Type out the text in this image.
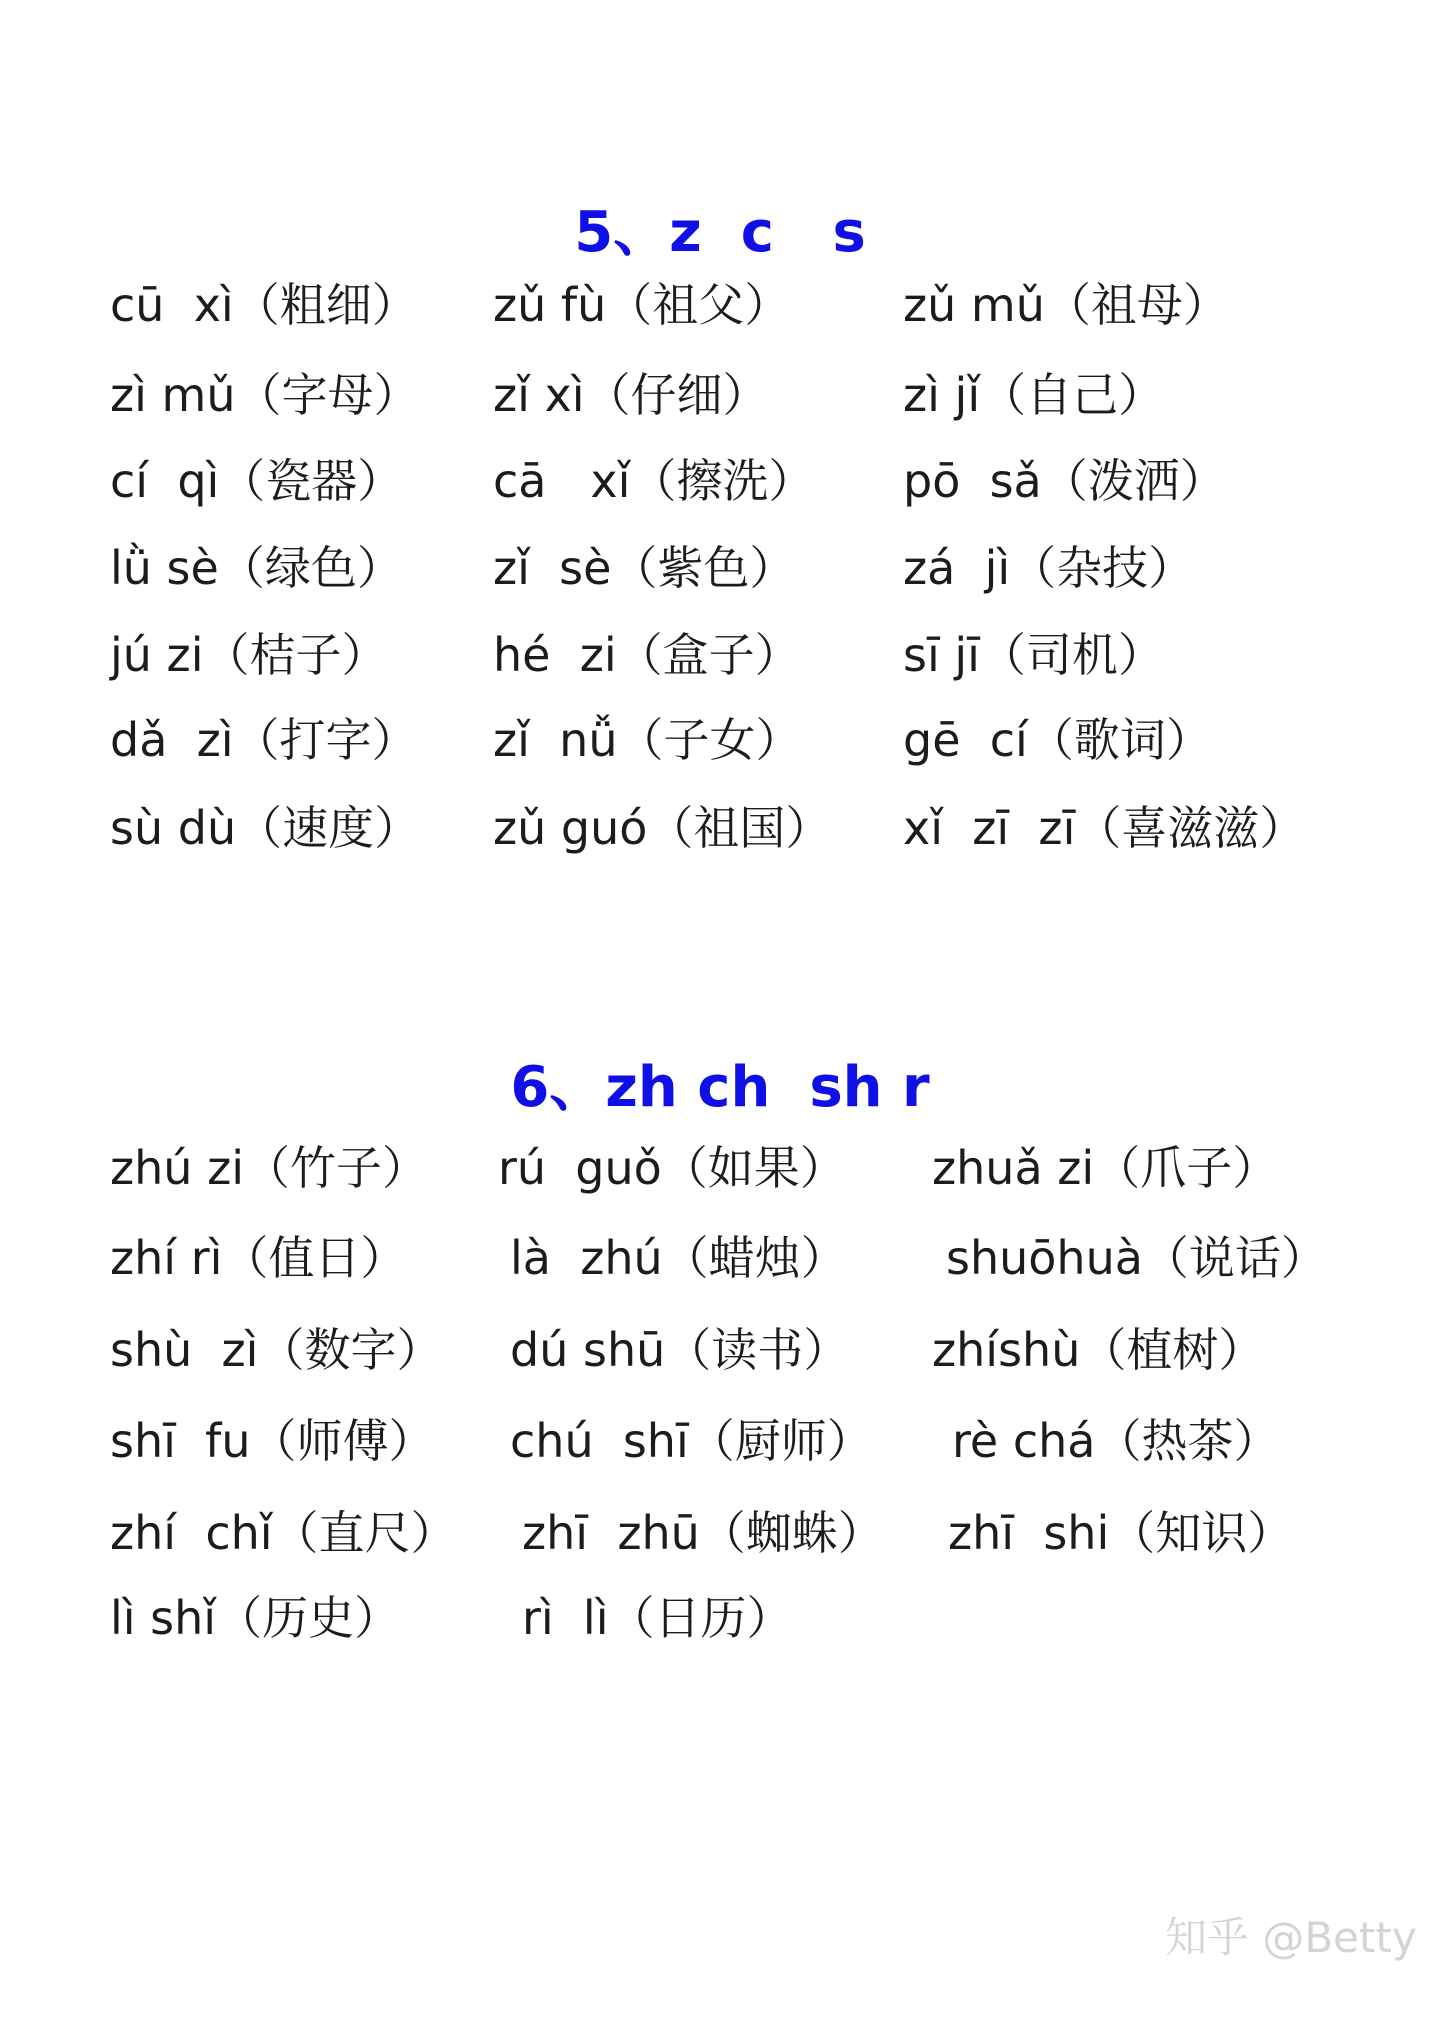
5、z  c   s
cū  xì（粗细） zǔ fù（祖父） zǔ mǔ（祖母）
zì mǔ（字母） zǐ xì（仔细）	zì jǐ（自己）
cí  qì（瓷器） cā   xǐ（擦洗） pō  sǎ（泼洒）
lǜ sè（绿色） zǐ  sè（紫色） zá  jì（杂技）
jú zi（桔子） hé  zi（盒子） sī jī（司机）
dǎ  zì（打字） zǐ  nǚ（子女） gē  cí（歌词）
sù dù（速度） zǔ guó（祖国） xǐ  zī  zī（喜滋滋）
6、zh ch  sh r
zhú zi（竹子） rú  guǒ（如果） zhuǎ zi（爪子）
zhí rì（值日） là  zhú（蜡烛） shuōhuà（说话）
shù  zì（数字） dú shū（读书） zhíshù（植树）
shī  fu（师傅） chú  shī（厨师） rè chá（热茶）
zhí  chǐ（直尺） zhī  zhū（蜘蛛） zhī  shi（知识）
lì shǐ（历史）	rì  lì（日历）
知乎 @Betty
